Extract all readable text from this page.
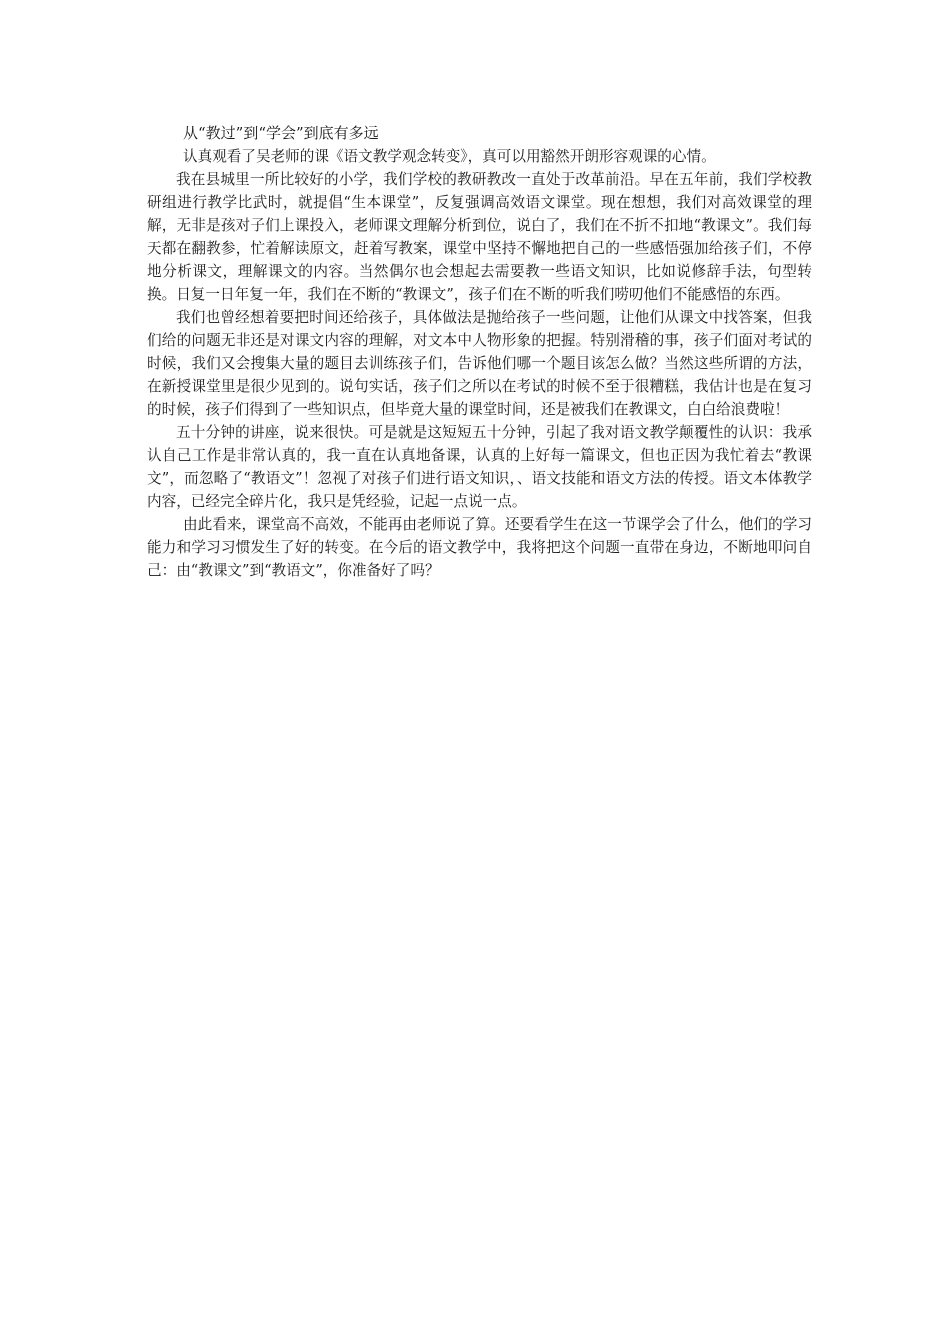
从“教过”到“学会”到底有多远

认真观看了吴老师的课《语文教学观念转变》，真可以用豁然开朗形容观课的心情。

我在县城里一所比较好的小学，我们学校的教研教改一直处于改革前沿。早在五年前，我们学校教研组进行教学比武时，就提倡“生本课堂”，反复强调高效语文课堂。现在想想，我们对高效课堂的理解，无非是孩对子们上课投入，老师课文理解分析到位，说白了，我们在不折不扣地“教课文”。我们每天都在翻教参，忙着解读原文，赶着写教案，课堂中坚持不懈地把自己的一些感悟强加给孩子们，不停地分析课文，理解课文的内容。当然偶尔也会想起去需要教一些语文知识，比如说修辞手法，句型转换。日复一日年复一年，我们在不断的“教课文”，孩子们在不断的听我们唠叨他们不能感悟的东西。

我们也曾经想着要把时间还给孩子，具体做法是抛给孩子一些问题，让他们从课文中找答案，但我们给的问题无非还是对课文内容的理解，对文本中人物形象的把握。特别滑稽的事，孩子们面对考试的时候，我们又会搜集大量的题目去训练孩子们，告诉他们哪一个题目该怎么做？当然这些所谓的方法，在新授课堂里是很少见到的。说句实话，孩子们之所以在考试的时候不至于很糟糕，我估计也是在复习的时候，孩子们得到了一些知识点，但毕竟大量的课堂时间，还是被我们在教课文，白白给浪费啦！

五十分钟的讲座，说来很快。可是就是这短短五十分钟，引起了我对语文教学颠覆性的认识：我承认自己工作是非常认真的，我一直在认真地备课，认真的上好每一篇课文，但也正因为我忙着去“教课文”，而忽略了“教语文”！忽视了对孩子们进行语文知识，、语文技能和语文方法的传授。语文本体教学内容，已经完全碎片化，我只是凭经验，记起一点说一点。

由此看来，课堂高不高效，不能再由老师说了算。还要看学生在这一节课学会了什么，他们的学习能力和学习习惯发生了好的转变。在今后的语文教学中，我将把这个问题一直带在身边，不断地叩问自己：由“教课文”到“教语文”，你准备好了吗？
